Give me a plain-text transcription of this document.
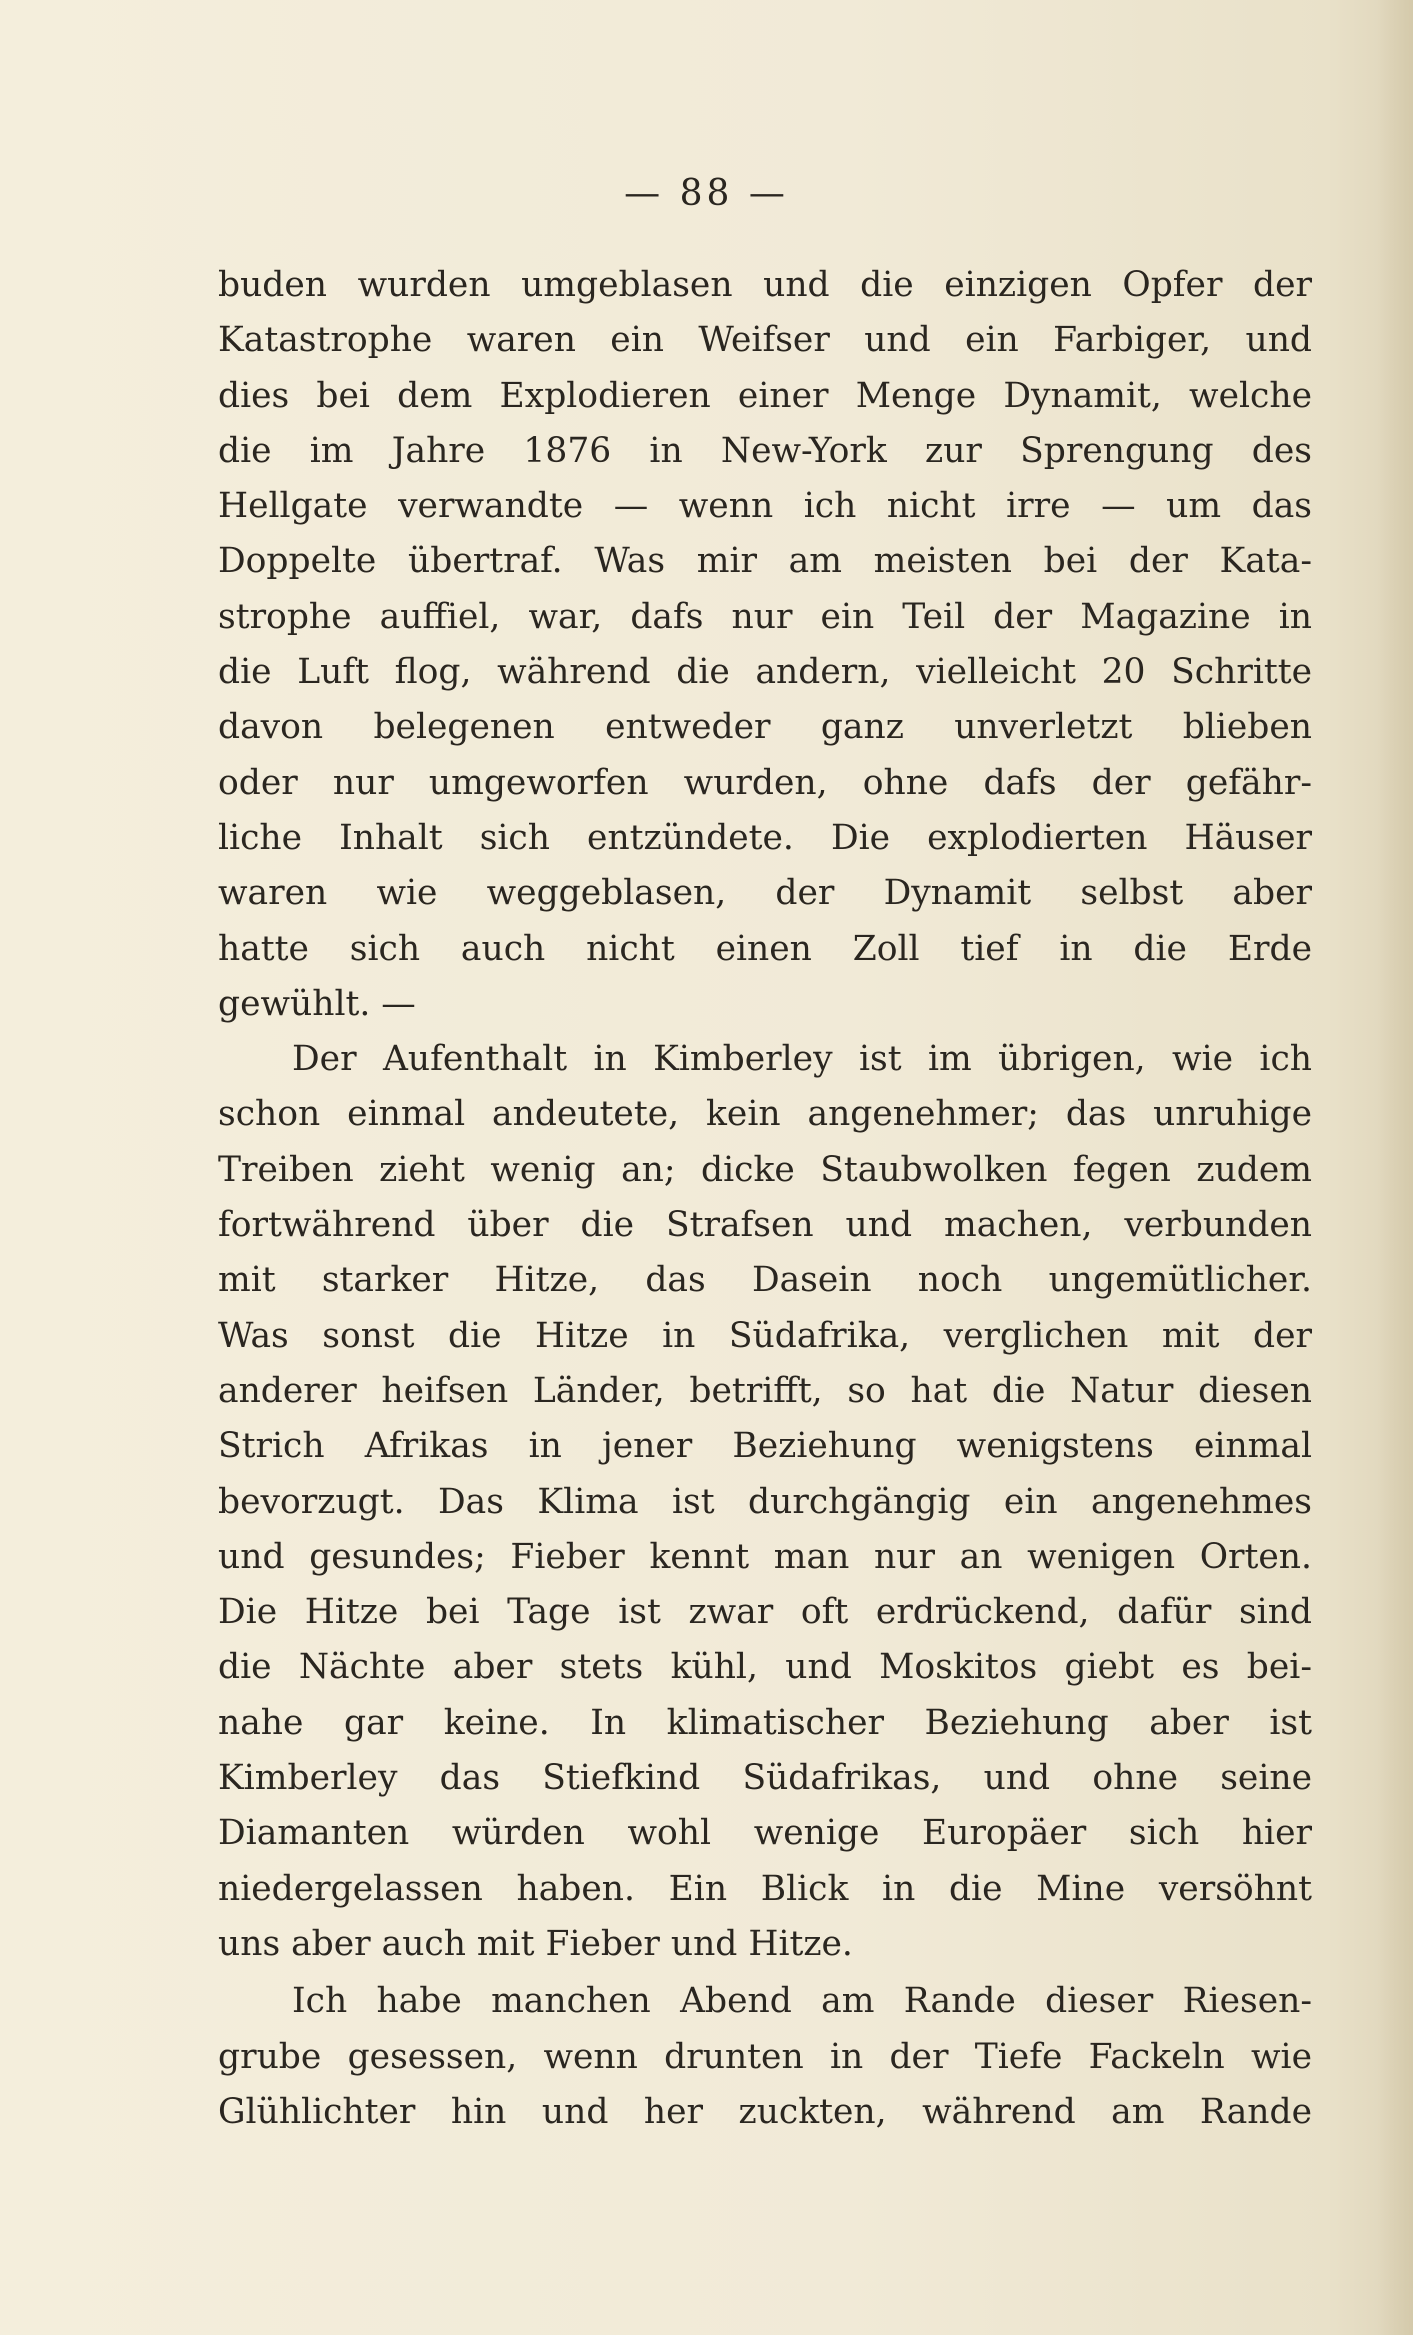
— 88 —
buden wurden umgeblasen und die einzigen Opfer der
Katastrophe waren ein Weifser und ein Farbiger, und
dies bei dem Explodieren einer Menge Dynamit, welche
die im Jahre 1876 in New-York zur Sprengung des
Hellgate verwandte — wenn ich nicht irre — um das
Doppelte übertraf. Was mir am meisten bei der Kata-
strophe auffiel, war, dafs nur ein Teil der Magazine in
die Luft flog, während die andern, vielleicht 20 Schritte
davon belegenen entweder ganz unverletzt blieben
oder nur umgeworfen wurden, ohne dafs der gefähr-
liche Inhalt sich entzündete. Die explodierten Häuser
waren wie weggeblasen, der Dynamit selbst aber
hatte sich auch nicht einen Zoll tief in die Erde
gewühlt. —
Der Aufenthalt in Kimberley ist im übrigen, wie ich
schon einmal andeutete, kein angenehmer; das unruhige
Treiben zieht wenig an; dicke Staubwolken fegen zudem
fortwährend über die Strafsen und machen, verbunden
mit starker Hitze, das Dasein noch ungemütlicher.
Was sonst die Hitze in Südafrika, verglichen mit der
anderer heifsen Länder, betrifft, so hat die Natur diesen
Strich Afrikas in jener Beziehung wenigstens einmal
bevorzugt. Das Klima ist durchgängig ein angenehmes
und gesundes; Fieber kennt man nur an wenigen Orten.
Die Hitze bei Tage ist zwar oft erdrückend, dafür sind
die Nächte aber stets kühl, und Moskitos giebt es bei-
nahe gar keine. In klimatischer Beziehung aber ist
Kimberley das Stiefkind Südafrikas, und ohne seine
Diamanten würden wohl wenige Europäer sich hier
niedergelassen haben. Ein Blick in die Mine versöhnt
uns aber auch mit Fieber und Hitze.
Ich habe manchen Abend am Rande dieser Riesen-
grube gesessen, wenn drunten in der Tiefe Fackeln wie
Glühlichter hin und her zuckten, während am Rande
